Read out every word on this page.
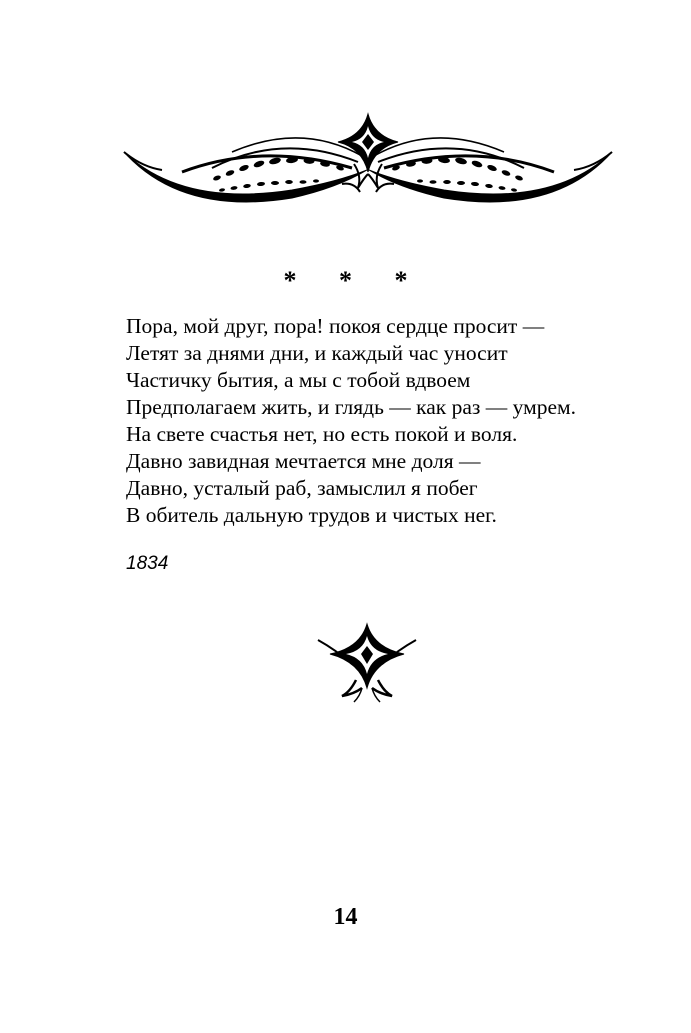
* * *
Пора, мой друг, пора! покоя сердце просит —
Летят за днями дни, и каждый час уносит
Частичку бытия, а мы с тобой вдвоем
Предполагаем жить, и глядь — как раз — умрем.
На свете счастья нет, но есть покой и воля.
Давно завидная мечтается мне доля —
Давно, усталый раб, замыслил я побег
В обитель дальную трудов и чистых нег.
1834
14
